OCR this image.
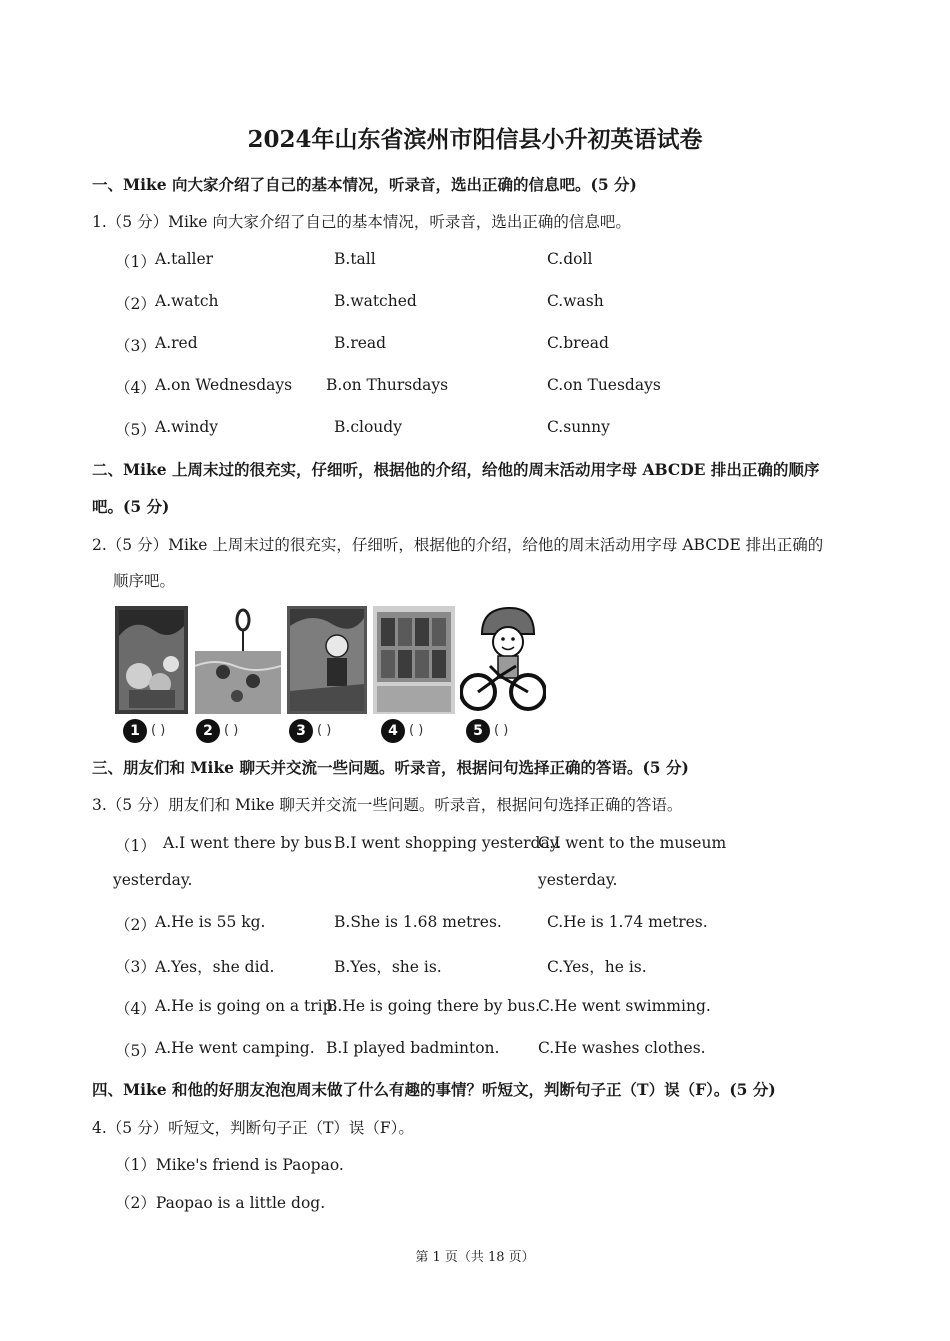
2024年山东省滨州市阳信县小升初英语试卷
一、Mike 向大家介绍了自己的基本情况，听录音，选出正确的信息吧。(5 分)
1.（5 分）Mike 向大家介绍了自己的基本情况，听录音，选出正确的信息吧。
（1） A.taller	B.tall	C.doll
（2） A.watch	B.watched	C.wash
（3） A.red	B.read	C.bread
（4） A.on Wednesdays B.on Thursdays	C.on Tuesdays
（5） A.windy	B.cloudy	C.sunny
二、Mike 上周末过的很充实，仔细听，根据他的介绍，给他的周末活动用字母 ABCDE 排出正确的顺序
吧。(5 分)
2.（5 分）Mike 上周末过的很充实，仔细听，根据他的介绍，给他的周末活动用字母 ABCDE 排出正确的
顺序吧。
1 ( )	2 ( )	3 ( )	4 ( )	5 ( )
三、朋友们和 Mike 聊天并交流一些问题。听录音，根据问句选择正确的答语。(5 分)
3.（5 分）朋友们和 Mike 聊天并交流一些问题。听录音，根据问句选择正确的答语。
（1） A.I went there by bus
yesterday.
B.I went shopping yesterday.
C.I went to the museum
yesterday.
（2） A.He is 55 kg.	B.She is 1.68 metres.	C.He is 1.74 metres.
（3） A.Yes，she did.	B.Yes，she is.	C.Yes，he is.
（4） A.He is going on a trip.
B.He is going there by bus.
C.He went swimming.
（5） A.He went camping. B.I played badminton. C.He washes clothes.
四、Mike 和他的好朋友泡泡周末做了什么有趣的事情？听短文，判断句子正（T）误（F）。(5 分)
4.（5 分）听短文，判断句子正（T）误（F）。
（1）Mike's friend is Paopao.
（2）Paopao is a little dog.
第 1 页（共 18 页）
